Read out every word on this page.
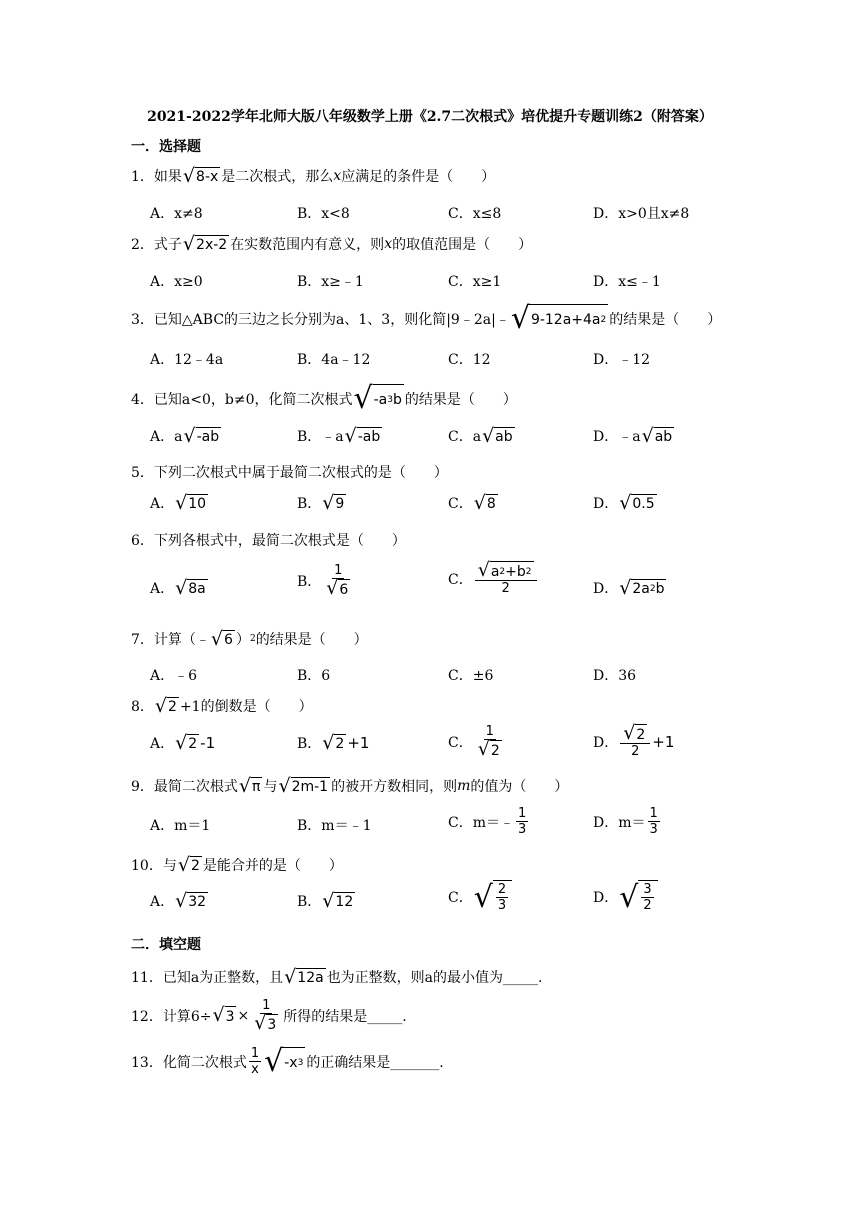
2021-2022学年北师大版八年级数学上册《2.7二次根式》培优提升专题训练2（附答案）
一．选择题
1．如果 √ 8-x 是二次根式，那么 x 应满足的条件是（　　）
A．x≠8	B．x<8	C．x≤8	D．x>0且x≠8
2．式子 √ 2x-2 在实数范围内有意义，则 x 的取值范围是（　　）
A．x≥0	B．x≥﹣1	C．x≥1	D．x≤﹣1
3．已知△ABC的三边之长分别为a、1、3，则化简|9﹣2a|﹣ √ 9-12a+4a 2 的结果是（　　）
A．12﹣4a	B．4a﹣12	C．12	D．﹣12
4．已知a<0，b≠0，化简二次根式 √ -a 3 b 的结果是（　　）
A．a √ -ab	B．﹣a √ -ab	C．a √ ab	D．﹣a √ ab
5．下列二次根式中属于最简二次根式的是（　　）
A． √ 10	B． √ 9	C． √ 8	D． √ 0.5
6．下列各根式中，最简二次根式是（　　）
A． √ 8a	B． $\frac{1}{√ 6}$	C． $\frac{√ a 2 +b 2}{2}$	D． √ 2a 2 b
7．计算（﹣ √ 6 ） 2 的结果是（　　）
A．﹣6	B．6	C．±6	D．36
8． √ 2 +1的倒数是（　　）
A． √ 2 -1	B． √ 2 +1	C． $\frac{1}{√ 2}$	D． $\frac{√ 2}{2} +1$
9．最简二次根式 √ π 与 √ 2m-1 的被开方数相同，则 m 的值为（　　）
A．m＝1	B．m＝﹣1	C．m＝﹣ $\frac{1}{3}$	D．$m= \frac{1}{3}$
10．与 √ 2 是能合并的是（　　）
A． √ 32	B． √ 12	C． √ $\frac{2}{3}$	D． √ $\frac{3}{2}$
二．填空题
11．已知a为正整数，且 √ 12a 也为正整数，则a的最小值为_____.
12．计算6÷ √ $3 \times \frac{1}{√ 3}$ 所得的结果是_____.
13．化简二次根式 $\frac{1}{x}$ √ -x 3 的正确结果是_______.
